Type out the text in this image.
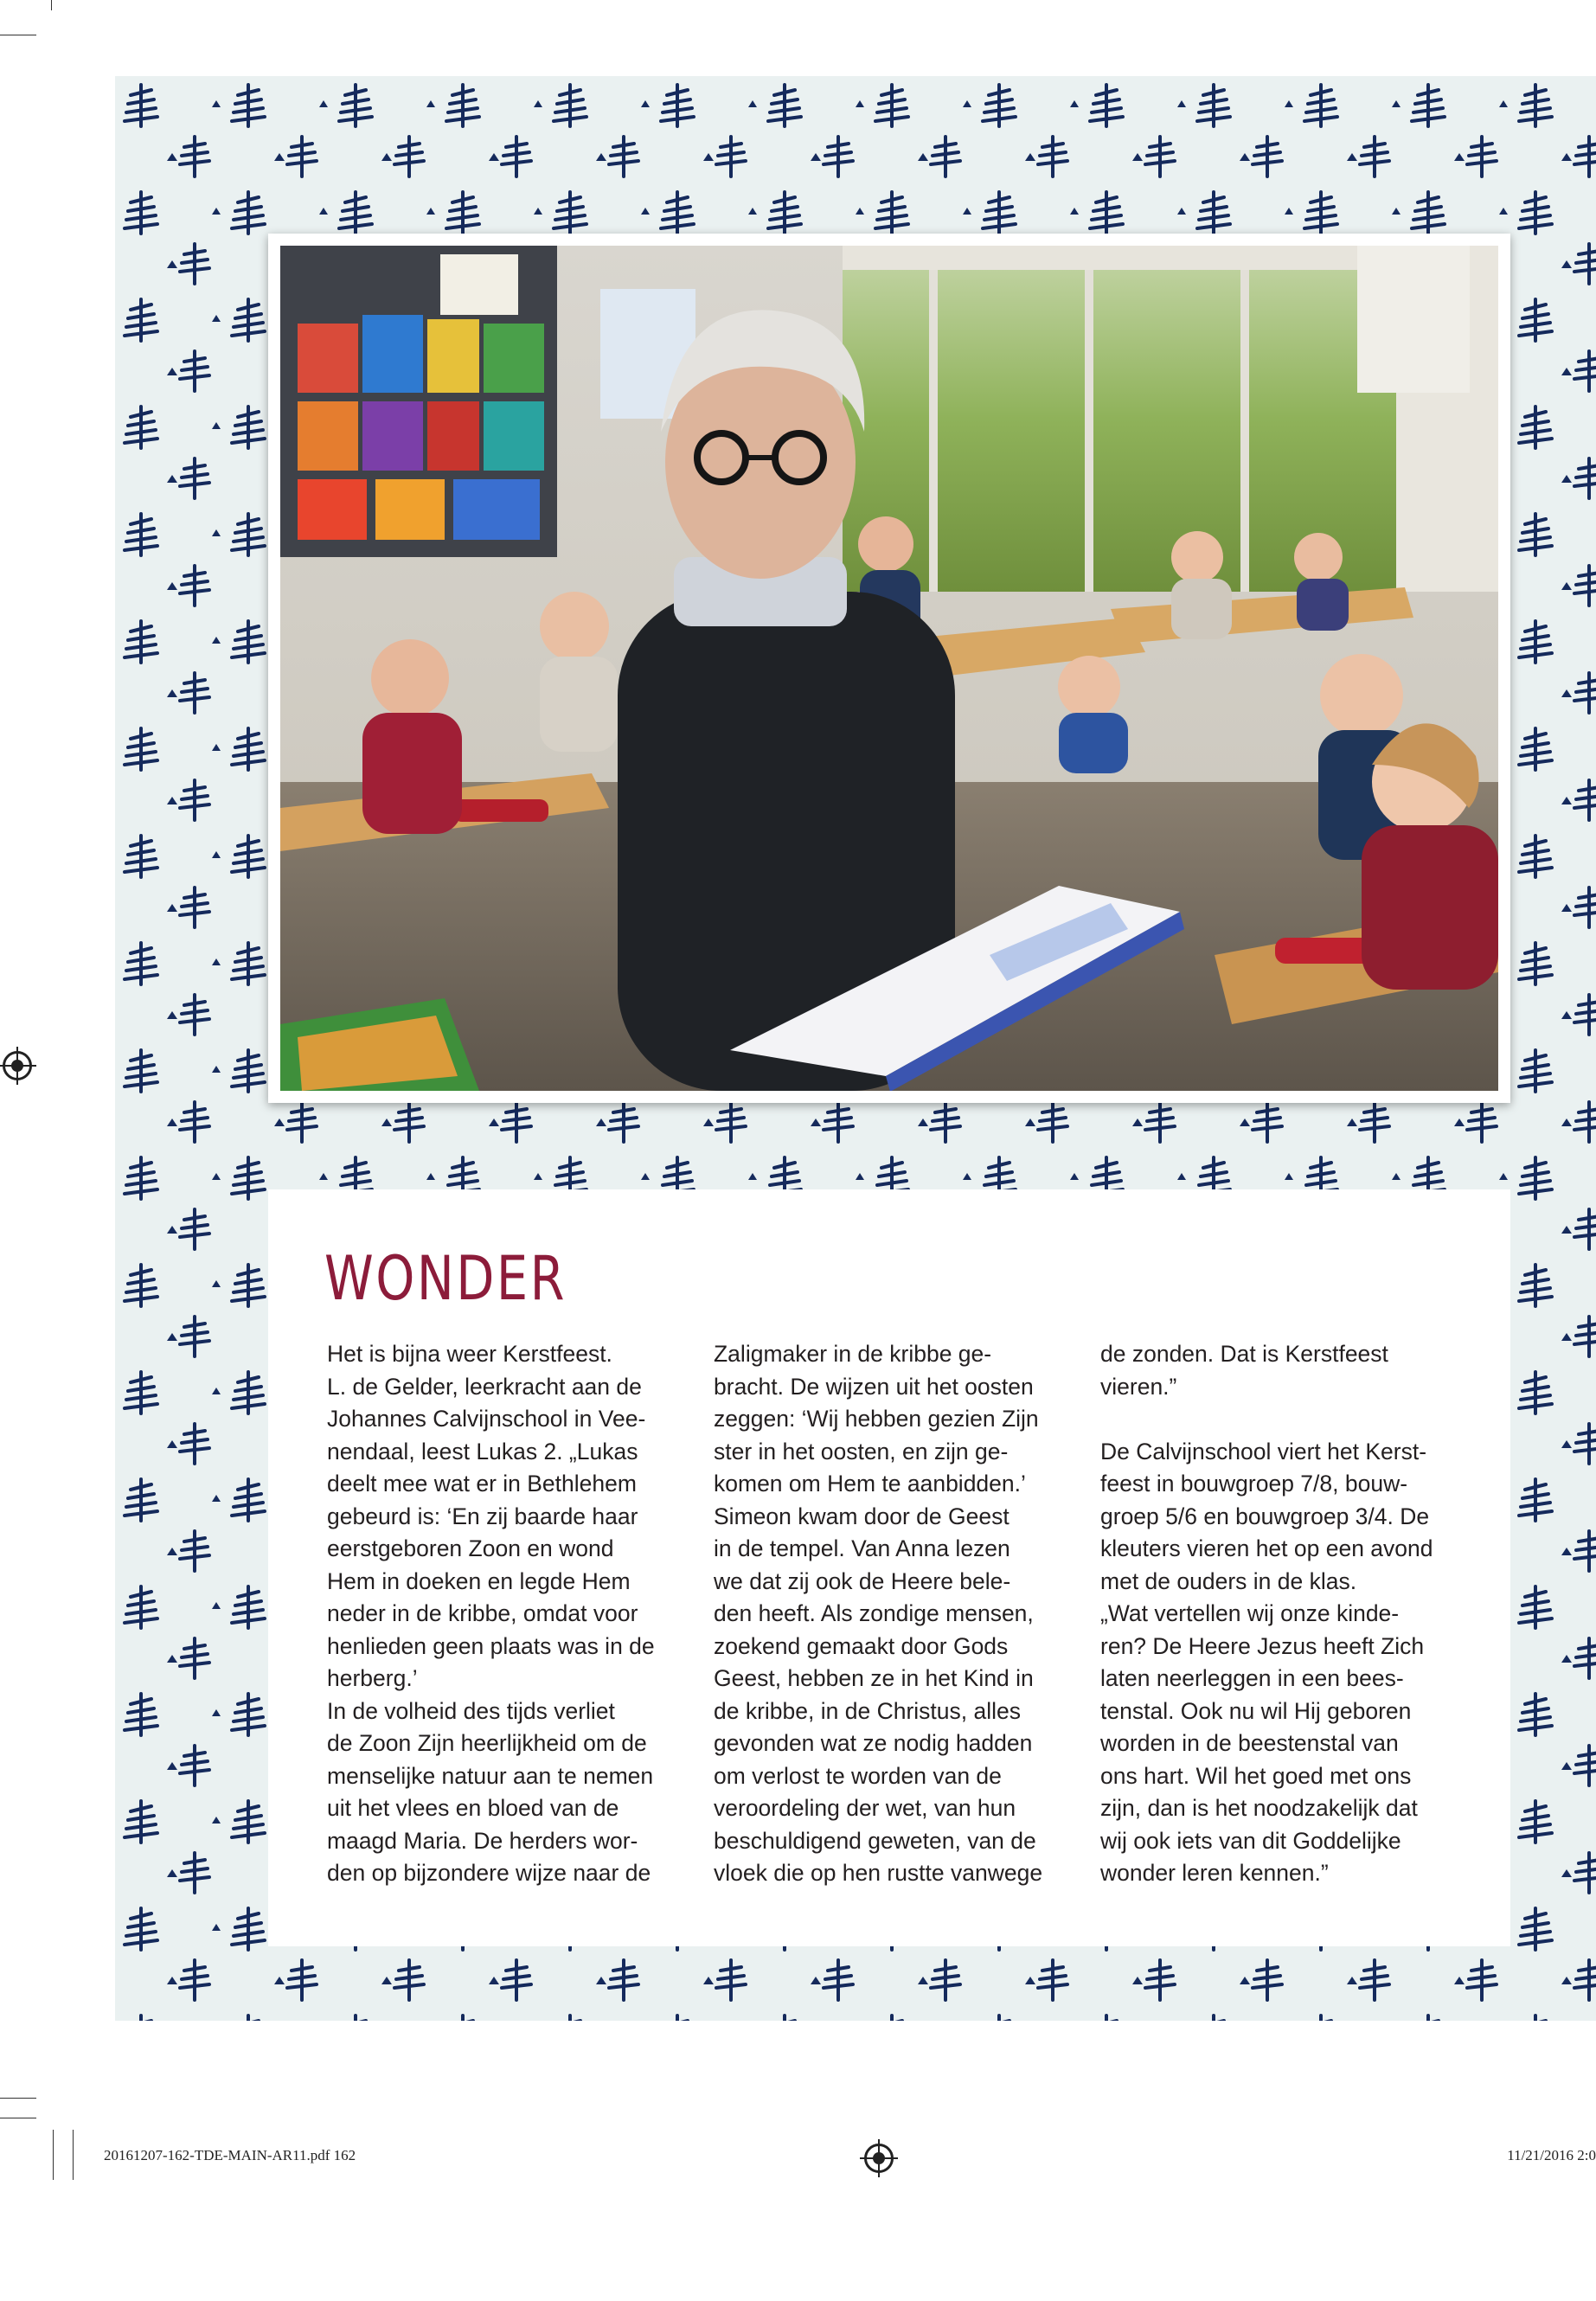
WONDER

Het is bijna weer Kerstfeest.
L. de Gelder, leerkracht aan de
Johannes Calvijnschool in Vee-
nendaal, leest Lukas 2. „Lukas
deelt mee wat er in Bethlehem
gebeurd is: ‘En zij baarde haar
eerstgeboren Zoon en wond
Hem in doeken en legde Hem
neder in de kribbe, omdat voor
henlieden geen plaats was in de
herberg.’
In de volheid des tijds verliet
de Zoon Zijn heerlijkheid om de
menselijke natuur aan te nemen
uit het vlees en bloed van de
maagd Maria. De herders wor-
den op bijzondere wijze naar de

Zaligmaker in de kribbe ge-
bracht. De wijzen uit het oosten
zeggen: ‘Wij hebben gezien Zijn
ster in het oosten, en zijn ge-
komen om Hem te aanbidden.’
Simeon kwam door de Geest
in de tempel. Van Anna lezen
we dat zij ook de Heere bele-
den heeft. Als zondige mensen,
zoekend gemaakt door Gods
Geest, hebben ze in het Kind in
de kribbe, in de Christus, alles
gevonden wat ze nodig hadden
om verlost te worden van de
veroordeling der wet, van hun
beschuldigend geweten, van de
vloek die op hen rustte vanwege

de zonden. Dat is Kerstfeest
vieren.”

De Calvijnschool viert het Kerst-
feest in bouwgroep 7/8, bouw-
groep 5/6 en bouwgroep 3/4. De
kleuters vieren het op een avond
met de ouders in de klas.
„Wat vertellen wij onze kinde-
ren? De Heere Jezus heeft Zich
laten neerleggen in een bees-
tenstal. Ook nu wil Hij geboren
worden in de beestenstal van
ons hart. Wil het goed met ons
zijn, dan is het noodzakelijk dat
wij ook iets van dit Goddelijke
wonder leren kennen.”

20161207-162-TDE-MAIN-AR11.pdf 162	11/21/2016 2:0
